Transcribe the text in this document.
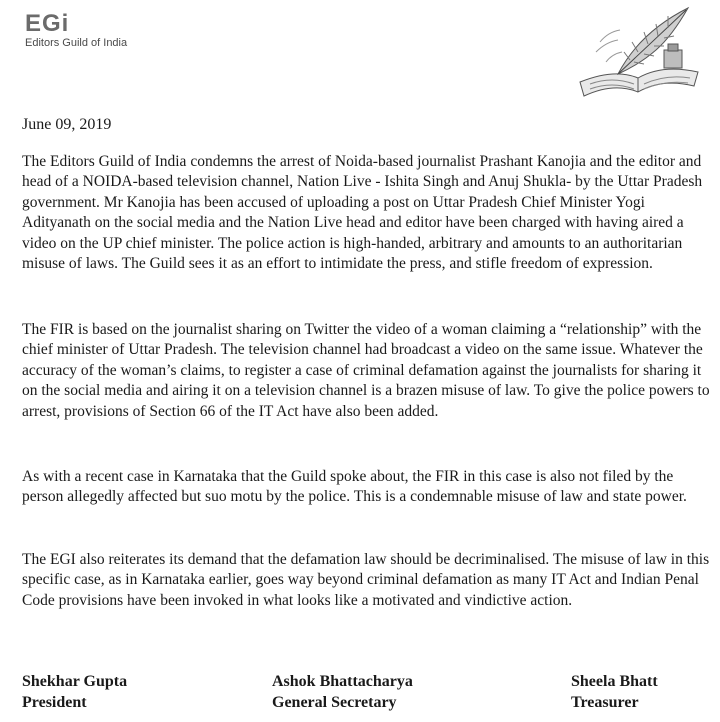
EGi
Editors Guild of India
June 09, 2019

The Editors Guild of India condemns the arrest of Noida-based journalist Prashant Kanojia and the editor and head of a NOIDA-based television channel, Nation Live - Ishita Singh and Anuj Shukla- by the Uttar Pradesh government. Mr Kanojia has been accused of uploading a post on Uttar Pradesh Chief Minister Yogi Adityanath on the social media and the Nation Live head and editor have been charged with having aired a video on the UP chief minister. The police action is high-handed, arbitrary and amounts to an authoritarian misuse of laws. The Guild sees it as an effort to intimidate the press, and stifle freedom of expression.

The FIR is based on the journalist sharing on Twitter the video of a woman claiming a “relationship” with the chief minister of Uttar Pradesh. The television channel had broadcast a video on the same issue. Whatever the accuracy of the woman’s claims, to register a case of criminal defamation against the journalists for sharing it on the social media and airing it on a television channel is a brazen misuse of law. To give the police powers to arrest, provisions of Section 66 of the IT Act have also been added.

As with a recent case in Karnataka that the Guild spoke about, the FIR in this case is also not filed by the person allegedly affected but suo motu by the police. This is a condemnable misuse of law and state power.

The EGI also reiterates its demand that the defamation law should be decriminalised. The misuse of law in this specific case, as in Karnataka earlier, goes way beyond criminal defamation as many IT Act and Indian Penal Code provisions have been invoked in what looks like a motivated and vindictive action.

Shekhar Gupta
President
Ashok Bhattacharya
General Secretary
Sheela Bhatt
Treasurer
